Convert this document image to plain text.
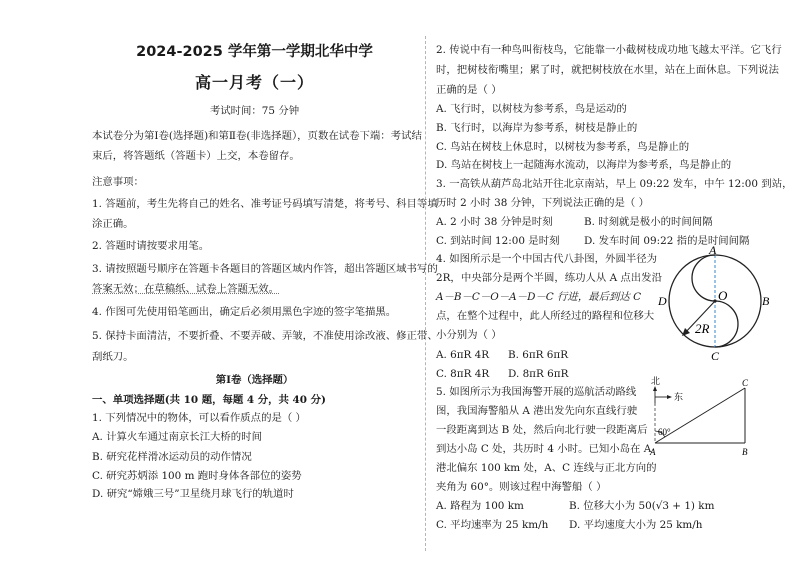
2024-2025 学年第一学期北华中学
高一月考（一）
考试时间：75 分钟
本试卷分为第Ⅰ卷(选择题)和第Ⅱ卷(非选择题），页数在试卷下端：考试结
束后，将答题纸（答题卡）上交，本卷留存。
注意事项：
1. 答题前，考生先将自己的姓名、准考证号码填写清楚，将考号、科目等填
涂正确。
2. 答题时请按要求用笔。
3. 请按照题号顺序在答题卡各题目的答题区域内作答，超出答题区域书写的
答案无效；在草稿纸、试卷上答题无效。
4. 作图可先使用铅笔画出，确定后必须用黑色字迹的签字笔描黑。
5. 保持卡面清洁，不要折叠、不要弄破、弄皱，不准使用涂改液、修正带、
刮纸刀。
第Ⅰ卷（选择题）
一、单项选择题(共 10 题，每题 4 分，共 40 分)
1. 下列情况中的物体，可以看作质点的是（ ）
A. 计算火车通过南京长江大桥的时间
B. 研究花样滑冰运动员的动作情况
C. 研究苏炳添 100 m 跑时身体各部位的姿势
D. 研究“嫦娥三号”卫星绕月球飞行的轨道时
2. 传说中有一种鸟叫衔枝鸟，它能靠一小截树枝成功地飞越太平洋。它飞行
时，把树枝衔嘴里；累了时，就把树枝放在水里，站在上面休息。下列说法
正确的是（ ）
A. 飞行时，以树枝为参考系，鸟是运动的
B. 飞行时，以海岸为参考系，树枝是静止的
C. 鸟站在树枝上休息时，以树枝为参考系，鸟是静止的
D. 鸟站在树枝上一起随海水流动，以海岸为参考系，鸟是静止的
3. 一高铁从葫芦岛北站开往北京南站，早上 09:22 发车，中午 12:00 到站，
历时 2 小时 38 分钟，下列说法正确的是（ ）
A. 2 小时 38 分钟是时刻	B. 时刻就是极小的时间间隔
C. 到站时间 12:00 是时刻 D. 发车时间 09:22 指的是时间间隔
4. 如图所示是一个中国古代八卦图，外圆半径为
2R，中央部分是两个半圆，练功人从 A 点出发沿
A－B－C－O－A－D－C 行进，最后到达 C
点，在整个过程中，此人所经过的路程和位移大
小分别为（ ）
A. 6πR 4R B. 6πR 6πR
C. 8πR 4R D. 8πR 6πR
5. 如图所示为我国海警开展的巡航活动路线
图，我国海警船从 A 港出发先向东直线行驶
一段距离到达 B 处，然后向北行驶一段距离后
到达小岛 C 处，共历时 4 小时。已知小岛在 A
港北偏东 100 km 处，A、C 连线与正北方向的
夹角为 60°。则该过程中海警船（ ）
A. 路程为 100 km	B. 位移大小为 50(√3 + 1) km
C. 平均速率为 25 km/h D. 平均速度大小为 25 km/h
A
B
C
D	O
2R
北
东
60°
A	B
C
